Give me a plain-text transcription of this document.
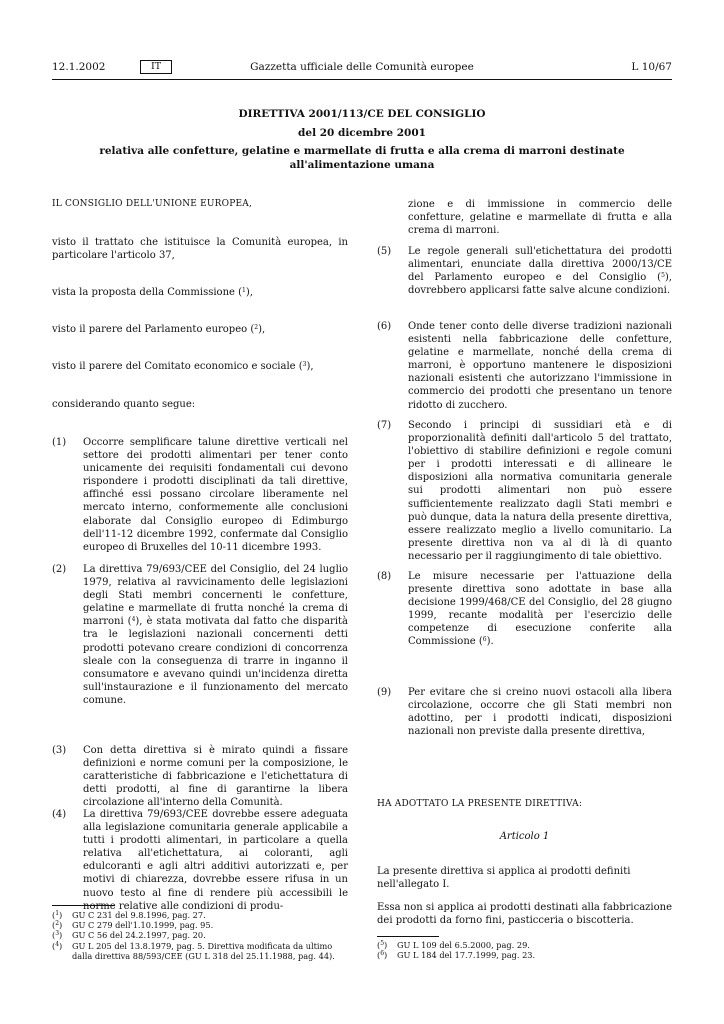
12.1.2002	IT	Gazzetta ufficiale delle Comunità europee	L 10/67
DIRETTIVA 2001/113/CE DEL CONSIGLIO
del 20 dicembre 2001
relativa alle confetture, gelatine e marmellate di frutta e alla crema di marroni destinate all'alimentazione umana
IL CONSIGLIO DELL'UNIONE EUROPEA,
visto il trattato che istituisce la Comunità europea, in particolare l'articolo 37,
vista la proposta della Commissione ($^1$),
visto il parere del Parlamento europeo ($^2$),
visto il parere del Comitato economico e sociale ($^3$),
considerando quanto segue:
(1) Occorre semplificare talune direttive verticali nel settore dei prodotti alimentari per tener conto unicamente dei requisiti fondamentali cui devono rispondere i prodotti disciplinati da tali direttive, affinché essi possano circolare liberamente nel mercato interno, conformemente alle conclusioni elaborate dal Consiglio europeo di Edimburgo dell'11-12 dicembre 1992, confermate dal Consiglio europeo di Bruxelles del 10-11 dicembre 1993.
(2) La direttiva 79/693/CEE del Consiglio, del 24 luglio 1979, relativa al ravvicinamento delle legislazioni degli Stati membri concernenti le confetture, gelatine e marmellate di frutta nonché la crema di marroni ($^4$), è stata motivata dal fatto che disparità tra le legislazioni nazionali concernenti detti prodotti potevano creare condizioni di concorrenza sleale con la conseguenza di trarre in inganno il consumatore e avevano quindi un'incidenza diretta sull'instaurazione e il funzionamento del mercato comune.
(3) Con detta direttiva si è mirato quindi a fissare definizioni e norme comuni per la composizione, le caratteristiche di fabbricazione e l'etichettatura di detti prodotti, al fine di garantirne la libera circolazione all'interno della Comunità.
(4) La direttiva 79/693/CEE dovrebbe essere adeguata alla legislazione comunitaria generale applicabile a tutti i prodotti alimentari, in particolare a quella relativa all'etichettatura, ai coloranti, agli edulcoranti e agli altri additivi autorizzati e, per motivi di chiarezza, dovrebbe essere rifusa in un nuovo testo al fine di rendere più accessibili le norme relative alle condizioni di produ-
zione e di immissione in commercio delle confetture, gelatine e marmellate di frutta e alla crema di marroni.
(5) Le regole generali sull'etichettatura dei prodotti alimentari, enunciate dalla direttiva 2000/13/CE del Parlamento europeo e del Consiglio ($^5$), dovrebbero applicarsi fatte salve alcune condizioni.
(6) Onde tener conto delle diverse tradizioni nazionali esistenti nella fabbricazione delle confetture, gelatine e marmellate, nonché della crema di marroni, è opportuno mantenere le disposizioni nazionali esistenti che autorizzano l'immissione in commercio dei prodotti che presentano un tenore ridotto di zucchero.
(7) Secondo i principi di sussidiari età e di proporzionalità definiti dall'articolo 5 del trattato, l'obiettivo di stabilire definizioni e regole comuni per i prodotti interessati e di allineare le disposizioni alla normativa comunitaria generale sui prodotti alimentari non può essere sufficientemente realizzato dagli Stati membri e può dunque, data la natura della presente direttiva, essere realizzato meglio a livello comunitario. La presente direttiva non va al di là di quanto necessario per il raggiungimento di tale obiettivo.
(8) Le misure necessarie per l'attuazione della presente direttiva sono adottate in base alla decisione 1999/468/CE del Consiglio, del 28 giugno 1999, recante modalità per l'esercizio delle competenze di esecuzione conferite alla Commissione ($^6$).
(9) Per evitare che si creino nuovi ostacoli alla libera circolazione, occorre che gli Stati membri non adottino, per i prodotti indicati, disposizioni nazionali non previste dalla presente direttiva,
HA ADOTTATO LA PRESENTE DIRETTIVA:
Articolo 1
La presente direttiva si applica ai prodotti definiti nell'allegato I.
Essa non si applica ai prodotti destinati alla fabbricazione dei prodotti da forno fini, pasticceria o biscotteria.
($^1$) GU C 231 del 9.8.1996, pag. 27.
($^2$) GU C 279 dell'1.10.1999, pag. 95.
($^3$) GU C 56 del 24.2.1997, pag. 20.
($^4$) GU L 205 del 13.8.1979, pag. 5. Direttiva modificata da ultimo dalla direttiva 88/593/CEE (GU L 318 del 25.11.1988, pag. 44).
($^5$) GU L 109 del 6.5.2000, pag. 29.
($^6$) GU L 184 del 17.7.1999, pag. 23.
